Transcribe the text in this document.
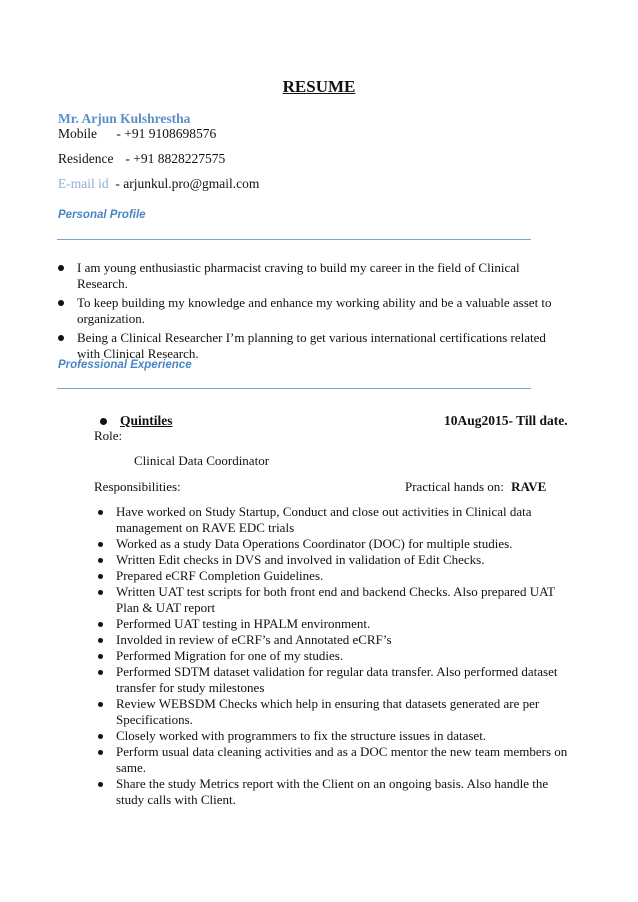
RESUME
Mr. Arjun Kulshrestha
Mobile - +91 9108698576
Residence - +91 8828227575
E-mail id - arjunkul.pro@gmail.com
Personal Profile
I am young enthusiastic pharmacist craving to build my career in the field of Clinical Research.
To keep building my knowledge and enhance my working ability and be a valuable asset to organization.
Being a Clinical Researcher I’m planning to get various international certifications related with Clinical Research.
Professional Experience
Quintiles	10Aug2015- Till date.
Role:
Clinical Data Coordinator
Responsibilities:	Practical hands on: RAVE
Have worked on Study Startup, Conduct and close out activities in Clinical data management on RAVE EDC trials
Worked as a study Data Operations Coordinator (DOC) for multiple studies.
Written Edit checks in DVS and involved in validation of Edit Checks.
Prepared eCRF Completion Guidelines.
Written UAT test scripts for both front end and backend Checks. Also prepared UAT Plan & UAT report
Performed UAT testing in HPALM environment.
Involded in review of eCRF’s and Annotated eCRF’s
Performed Migration for one of my studies.
Performed SDTM dataset validation for regular data transfer. Also performed dataset transfer for study milestones
Review WEBSDM Checks which help in ensuring that datasets generated are per Specifications.
Closely worked with programmers to fix the structure issues in dataset.
Perform usual data cleaning activities and as a DOC mentor the new team members on same.
Share the study Metrics report with the Client on an ongoing basis. Also handle the study calls with Client.
